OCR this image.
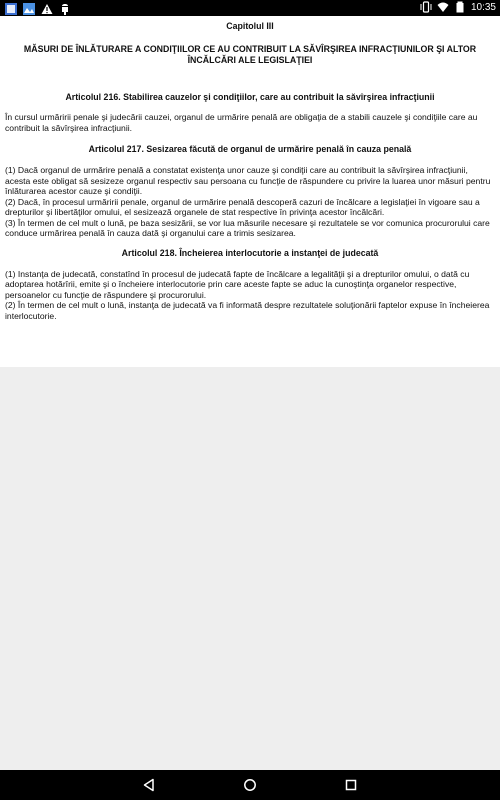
10:35
Capitolul III
MĂSURI DE ÎNLĂTURARE A CONDIŢIILOR CE AU CONTRIBUIT LA SĂVÎRŞIREA INFRACŢIUNILOR ŞI ALTOR ÎNCĂLCĂRI ALE LEGISLAŢIEI
Articolul 216. Stabilirea cauzelor şi condiţiilor, care au contribuit la săvîrşirea infracţiunii
În cursul urmăririi penale şi judecării cauzei, organul de urmărire penală are obligaţia de a stabili cauzele şi condiţiile care au contribuit la săvîrşirea infracţiunii.
Articolul 217. Sesizarea făcută de organul de urmărire penală în cauza penală
(1) Dacă organul de urmărire penală a constatat existenţa unor cauze şi condiţii care au contribuit la săvîrşirea infracţiunii, acesta este obligat să sesizeze organul respectiv sau persoana cu funcţie de răspundere cu privire la luarea unor măsuri pentru înlăturarea acestor cauze şi condiţii.
(2) Dacă, în procesul urmăririi penale, organul de urmărire penală descoperă cazuri de încălcare a legislaţiei în vigoare sau a drepturilor şi libertăţilor omului, el sesizează organele de stat respective în privinţa acestor încălcări.
(3) În termen de cel mult o lună, pe baza sesizării, se vor lua măsurile necesare şi rezultatele se vor comunica procurorului care conduce urmărirea penală în cauza dată şi organului care a trimis sesizarea.
Articolul 218. Încheierea interlocutorie a instanţei de judecată
(1) Instanţa de judecată, constatînd în procesul de judecată fapte de încălcare a legalităţii şi a drepturilor omului, o dată cu adoptarea hotărîrii, emite şi o încheiere interlocutorie prin care aceste fapte se aduc la cunoştinţa organelor respective, persoanelor cu funcţie de răspundere şi procurorului.
(2) În termen de cel mult o lună, instanţa de judecată va fi informată despre rezultatele soluţionării faptelor expuse în încheierea interlocutorie.
